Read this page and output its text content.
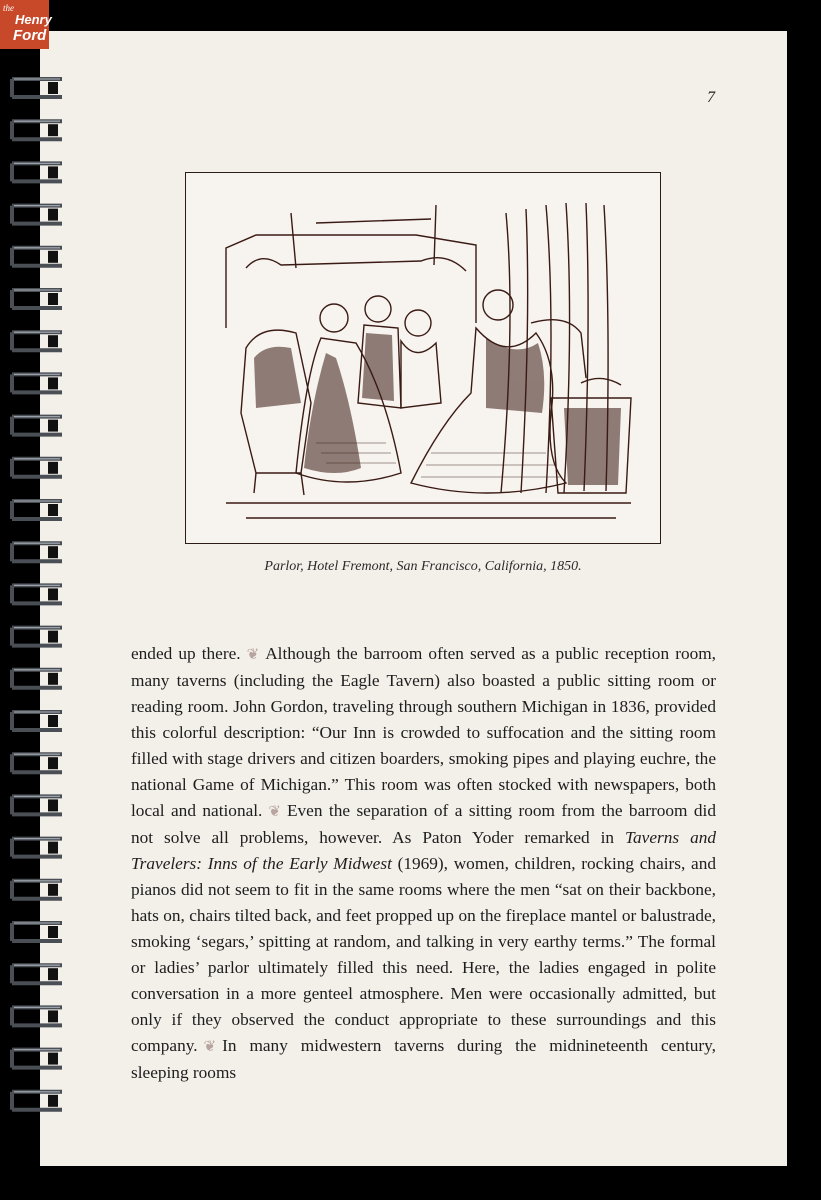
the
Henry
Ford
7

Parlor, Hotel Fremont, San Francisco, California, 1850.

ended up there. ❦ Although the barroom often served as a public reception room, many taverns (including the Eagle Tavern) also boasted a public sitting room or reading room. John Gordon, traveling through southern Michigan in 1836, provided this colorful description: “Our Inn is crowded to suffocation and the sitting room filled with stage drivers and citizen boarders, smoking pipes and playing euchre, the national Game of Michigan.” This room was often stocked with newspapers, both local and national. ❦ Even the separation of a sitting room from the barroom did not solve all problems, however. As Paton Yoder remarked in Taverns and Travelers: Inns of the Early Midwest (1969), women, children, rocking chairs, and pianos did not seem to fit in the same rooms where the men “sat on their backbone, hats on, chairs tilted back, and feet propped up on the fireplace mantel or balustrade, smoking ‘segars,’ spitting at random, and talking in very earthy terms.” The formal or ladies’ parlor ultimately filled this need. Here, the ladies engaged in polite conversation in a more genteel atmosphere. Men were occasionally admitted, but only if they observed the conduct appropriate to these surroundings and this company. ❦ In many midwestern taverns during the midnineteenth century, sleeping rooms
